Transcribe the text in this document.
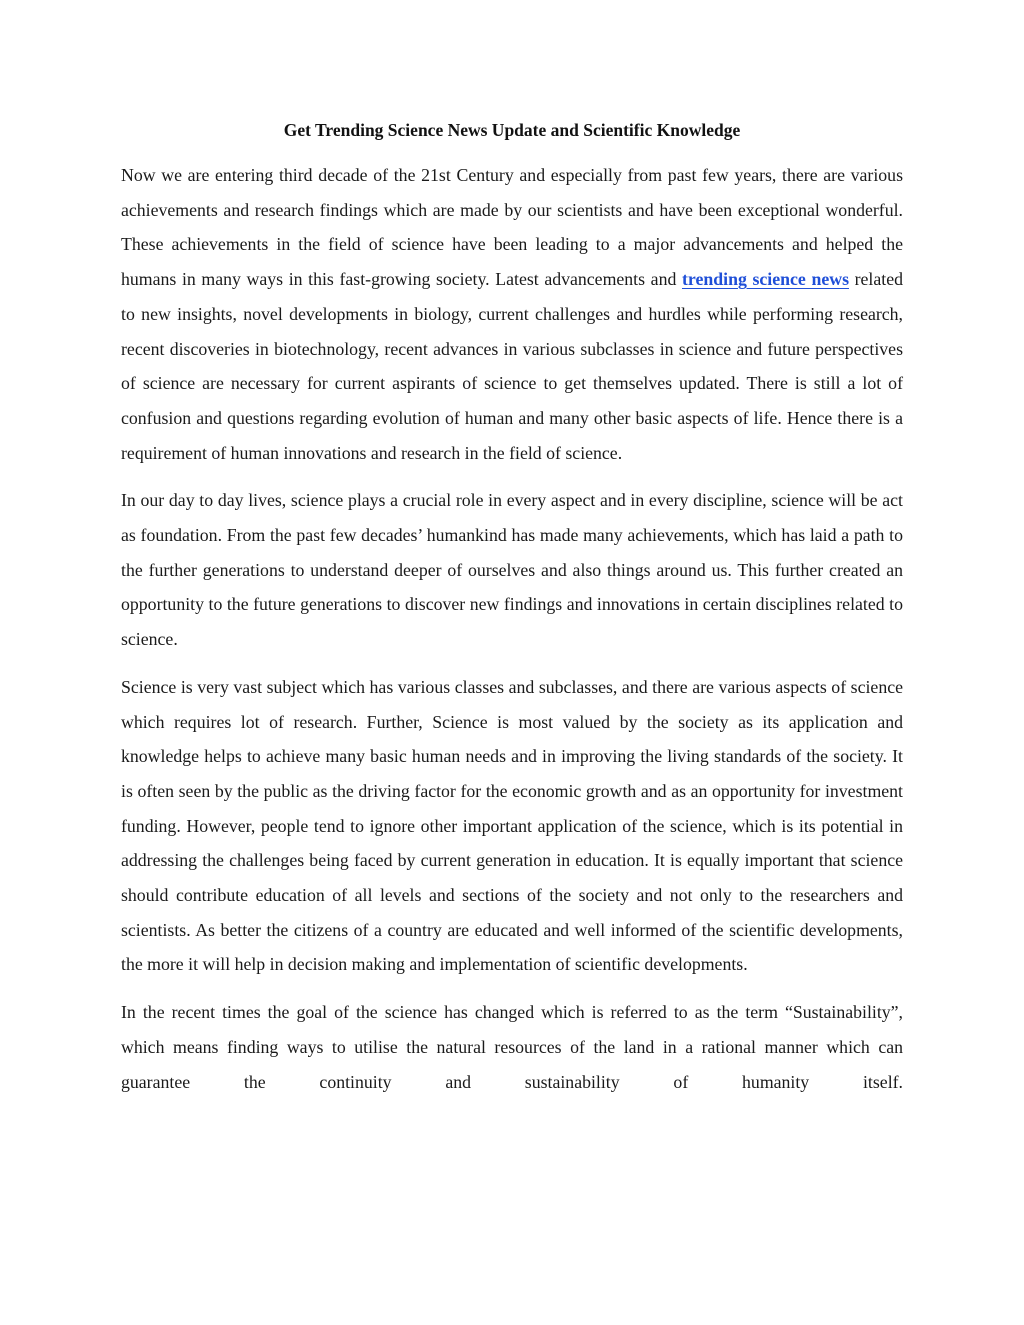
Get Trending Science News Update and Scientific Knowledge

Now we are entering third decade of the 21st Century and especially from past few years, there are various achievements and research findings which are made by our scientists and have been exceptional wonderful. These achievements in the field of science have been leading to a major advancements and helped the humans in many ways in this fast-growing society. Latest advancements and trending science news related to new insights, novel developments in biology, current challenges and hurdles while performing research, recent discoveries in biotechnology, recent advances in various subclasses in science and future perspectives of science are necessary for current aspirants of science to get themselves updated. There is still a lot of confusion and questions regarding evolution of human and many other basic aspects of life. Hence there is a requirement of human innovations and research in the field of science.

In our day to day lives, science plays a crucial role in every aspect and in every discipline, science will be act as foundation. From the past few decades’ humankind has made many achievements, which has laid a path to the further generations to understand deeper of ourselves and also things around us. This further created an opportunity to the future generations to discover new findings and innovations in certain disciplines related to science.

Science is very vast subject which has various classes and subclasses, and there are various aspects of science which requires lot of research. Further, Science is most valued by the society as its application and knowledge helps to achieve many basic human needs and in improving the living standards of the society. It is often seen by the public as the driving factor for the economic growth and as an opportunity for investment funding. However, people tend to ignore other important application of the science, which is its potential in addressing the challenges being faced by current generation in education. It is equally important that science should contribute education of all levels and sections of the society and not only to the researchers and scientists. As better the citizens of a country are educated and well informed of the scientific developments, the more it will help in decision making and implementation of scientific developments.

In the recent times the goal of the science has changed which is referred to as the term “Sustainability”, which means finding ways to utilise the natural resources of the land in a rational manner which can guarantee the continuity and sustainability of humanity itself.
